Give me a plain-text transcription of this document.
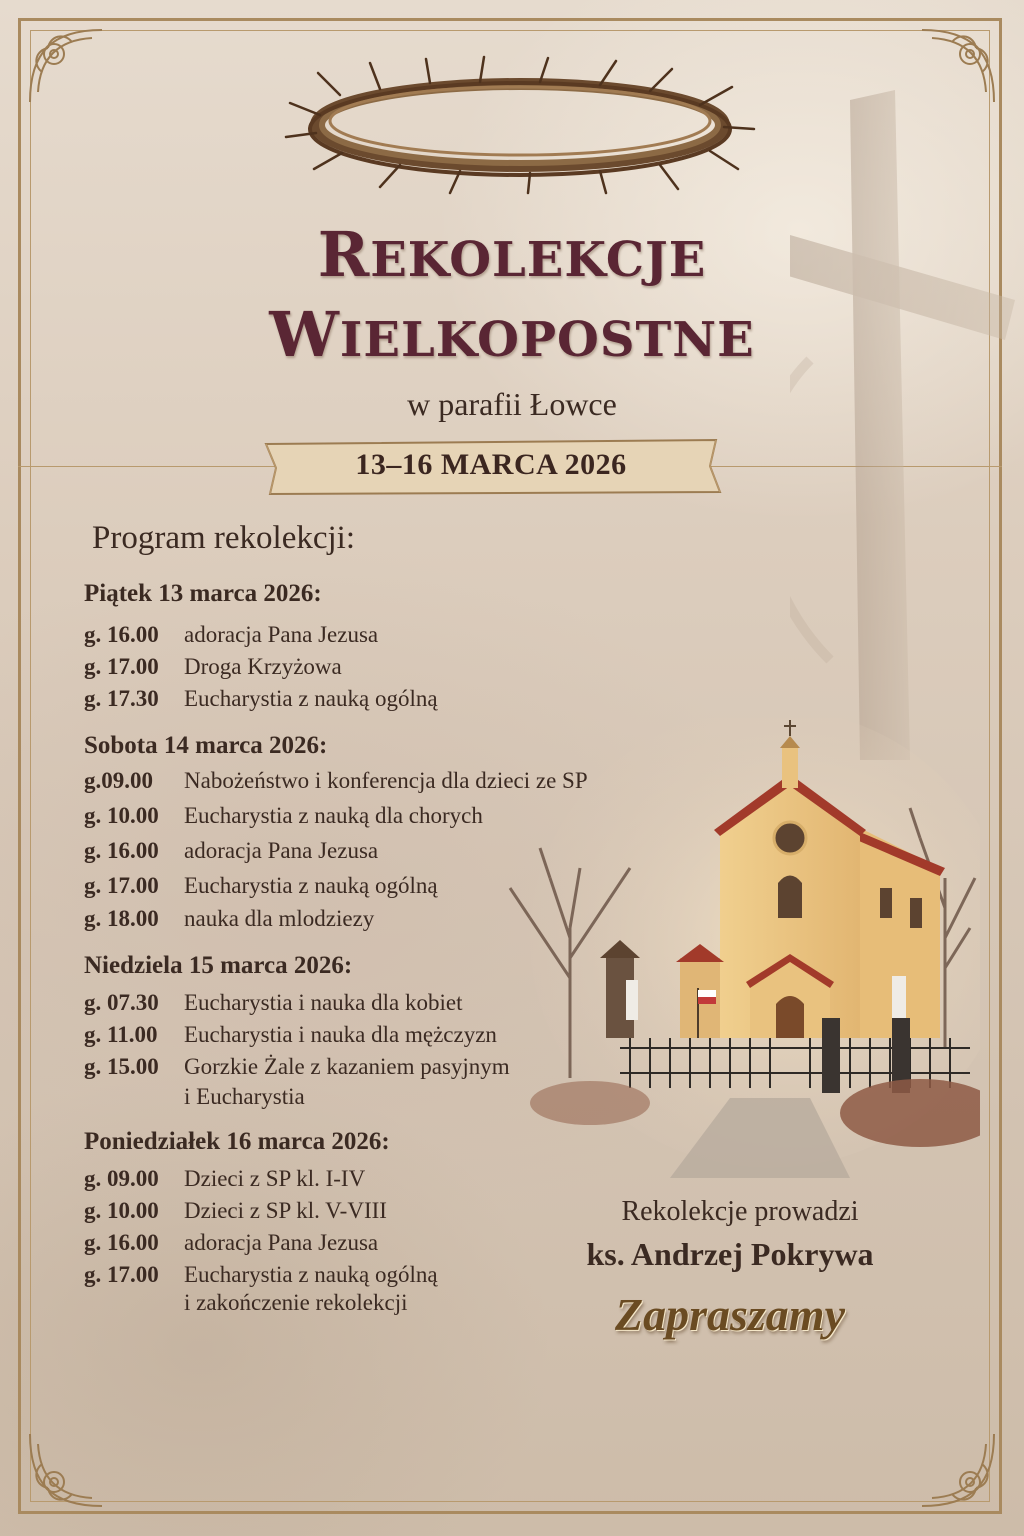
REKOLEKCJE
WIELKOPOSTNE
w parafii Łowce
13–16 MARCA 2026
Program rekolekcji:
Piątek 13 marca 2026:
g. 16.00 adoracja Pana Jezusa
g. 17.00 Droga Krzyżowa
g. 17.30 Eucharystia z nauką ogólną
Sobota 14 marca 2026:
g.09.00 Nabożeństwo i konferencja dla dzieci ze SP
g. 10.00 Eucharystia z nauką dla chorych
g. 16.00 adoracja Pana Jezusa
g. 17.00 Eucharystia z nauką ogólną
g. 18.00 nauka dla mlodziezy
Niedziela 15 marca 2026:
g. 07.30 Eucharystia i nauka dla kobiet
g. 11.00 Eucharystia i nauka dla mężczyzn
g. 15.00 Gorzkie Żale z kazaniem pasyjnym
i Eucharystia
Poniedziałek 16 marca 2026:
g. 09.00 Dzieci z SP kl. I-IV
g. 10.00 Dzieci z SP kl. V-VIII
g. 16.00 adoracja Pana Jezusa
g. 17.00 Eucharystia z nauką ogólną
i zakończenie rekolekcji
Rekolekcje prowadzi
ks. Andrzej Pokrywa
Zapraszamy
